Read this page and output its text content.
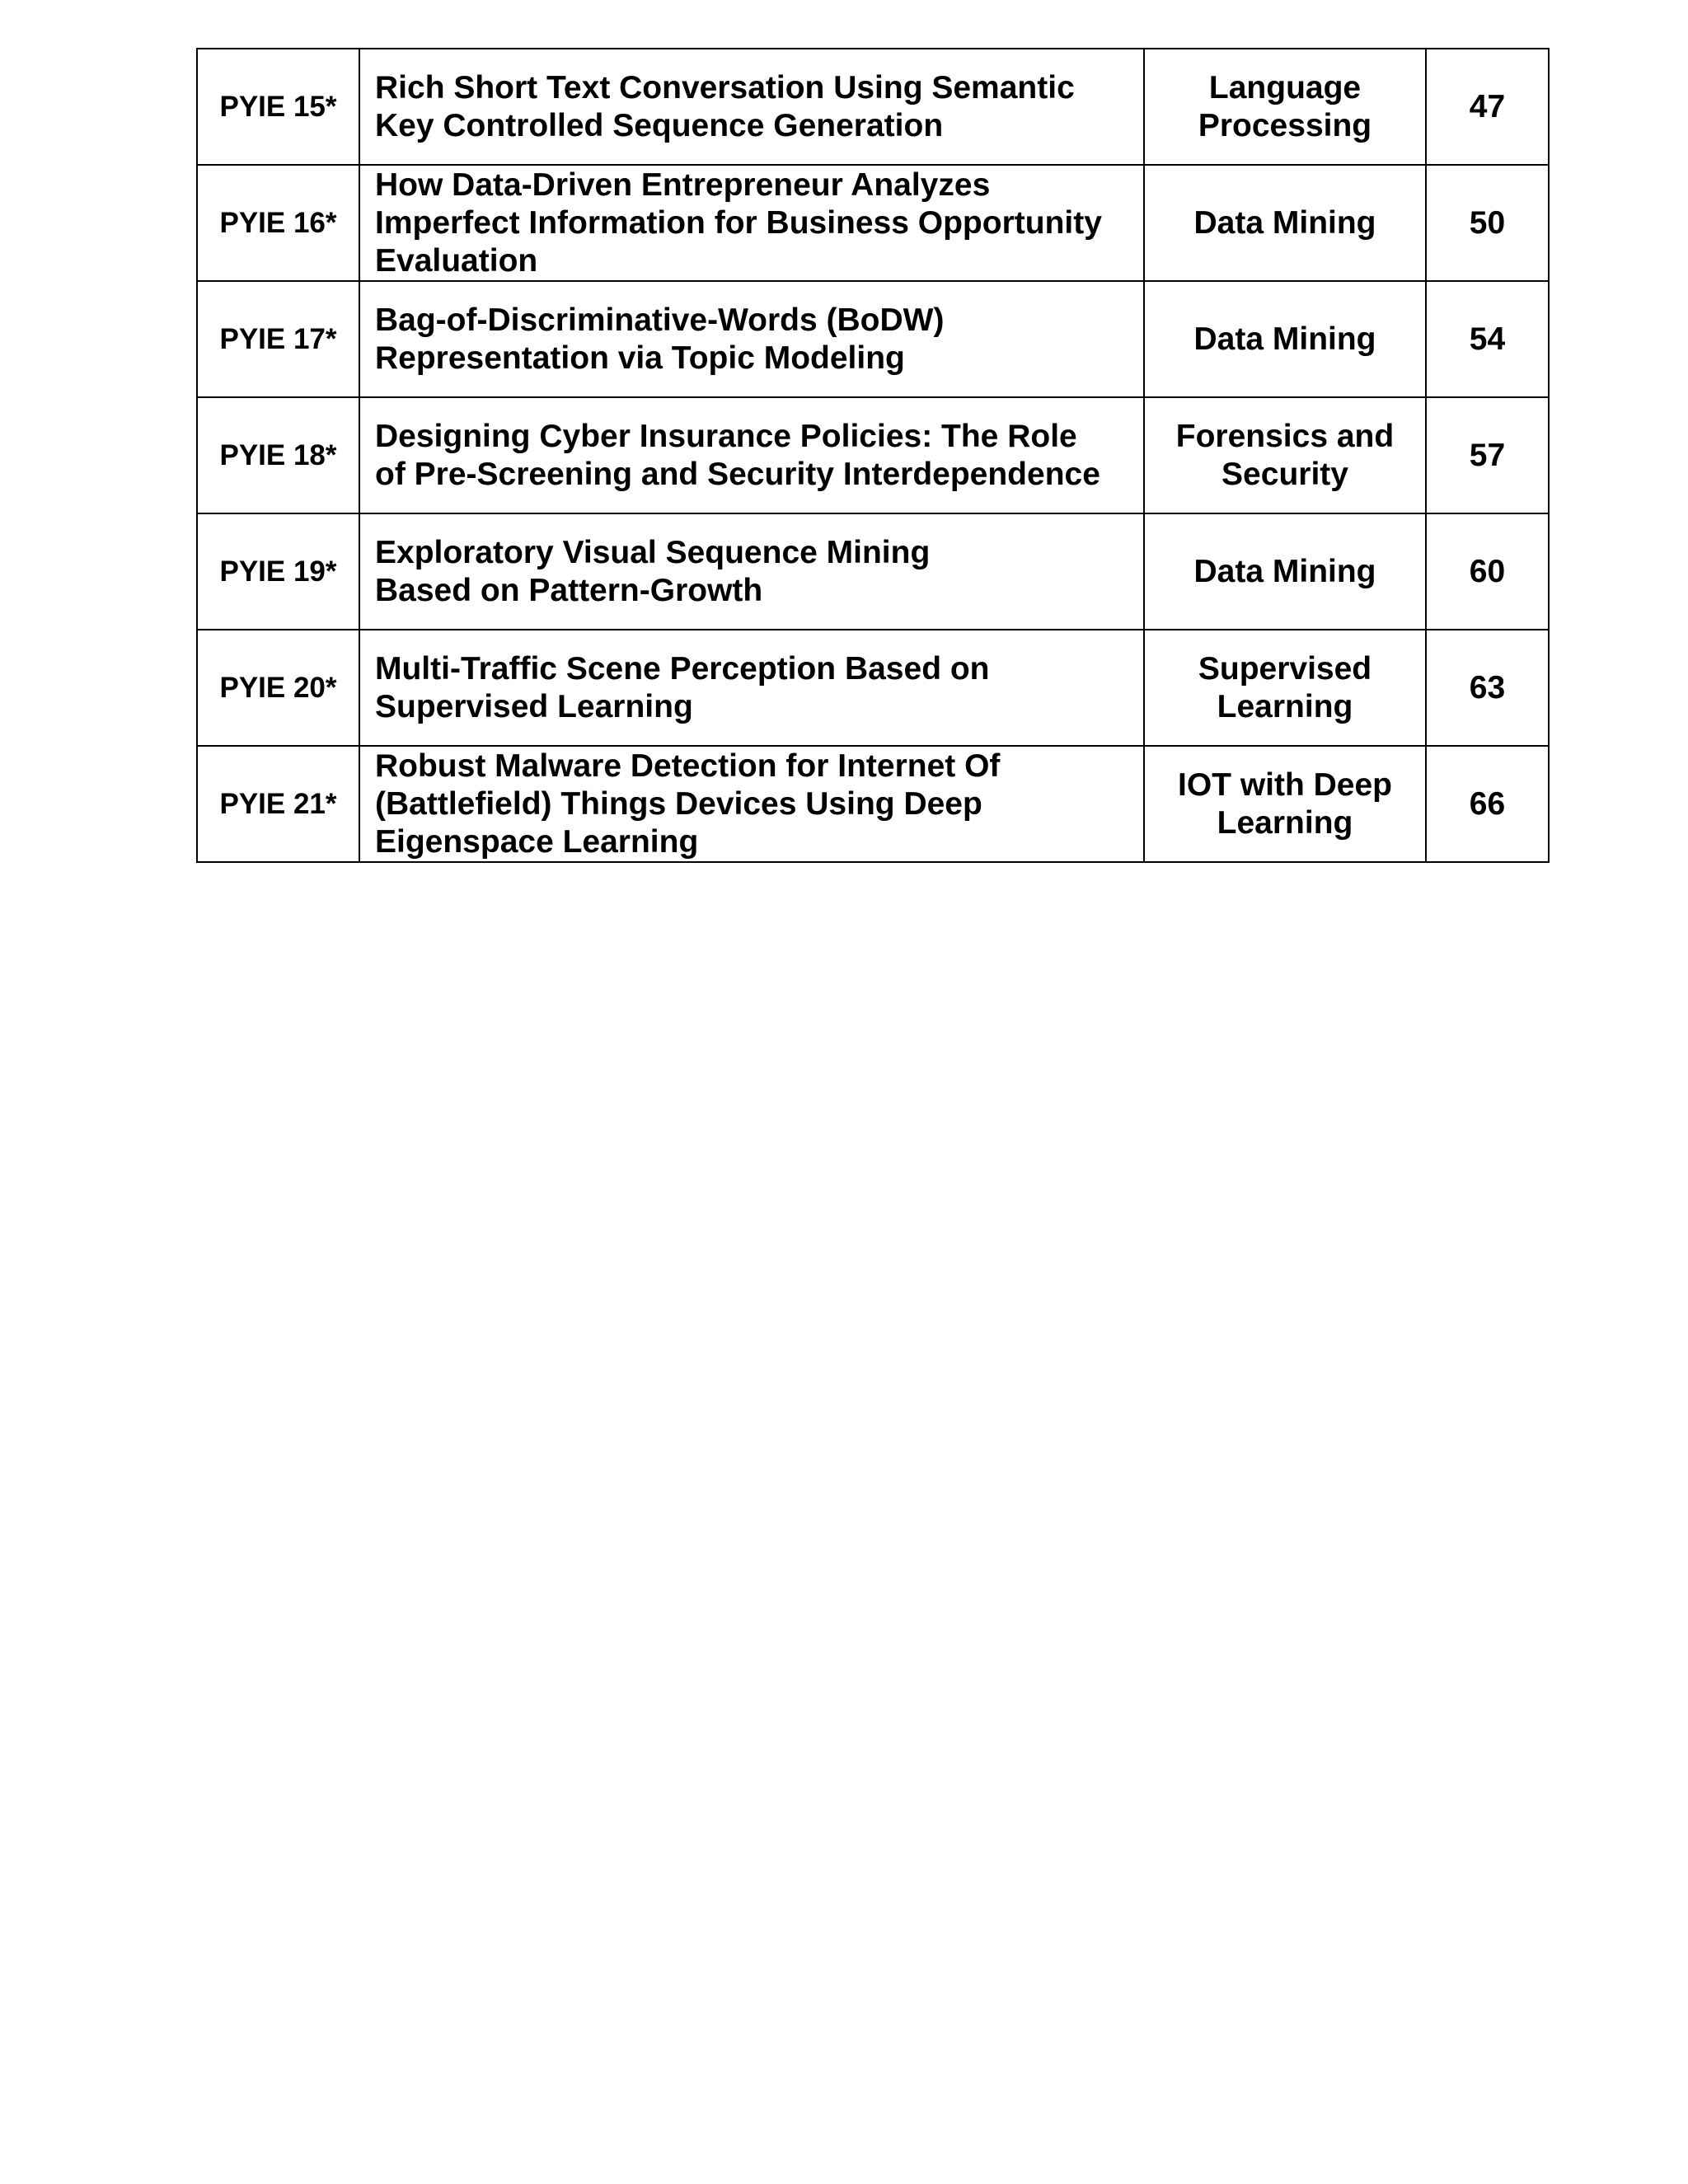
PYIE 15*	Rich Short Text Conversation Using Semantic
Key Controlled Sequence Generation	Language
Processing	47
PYIE 16*	How Data-Driven Entrepreneur Analyzes
Imperfect Information for Business Opportunity
Evaluation	Data Mining	50
PYIE 17*	Bag-of-Discriminative-Words (BoDW)
Representation via Topic Modeling	Data Mining	54
PYIE 18*	Designing Cyber Insurance Policies: The Role
of Pre-Screening and Security Interdependence	Forensics and
Security	57
PYIE 19*	Exploratory Visual Sequence Mining
Based on Pattern-Growth	Data Mining	60
PYIE 20*	Multi-Traffic Scene Perception Based on
Supervised Learning	Supervised
Learning	63
PYIE 21*	Robust Malware Detection for Internet Of
(Battlefield) Things Devices Using Deep
Eigenspace Learning	IOT with Deep
Learning	66
